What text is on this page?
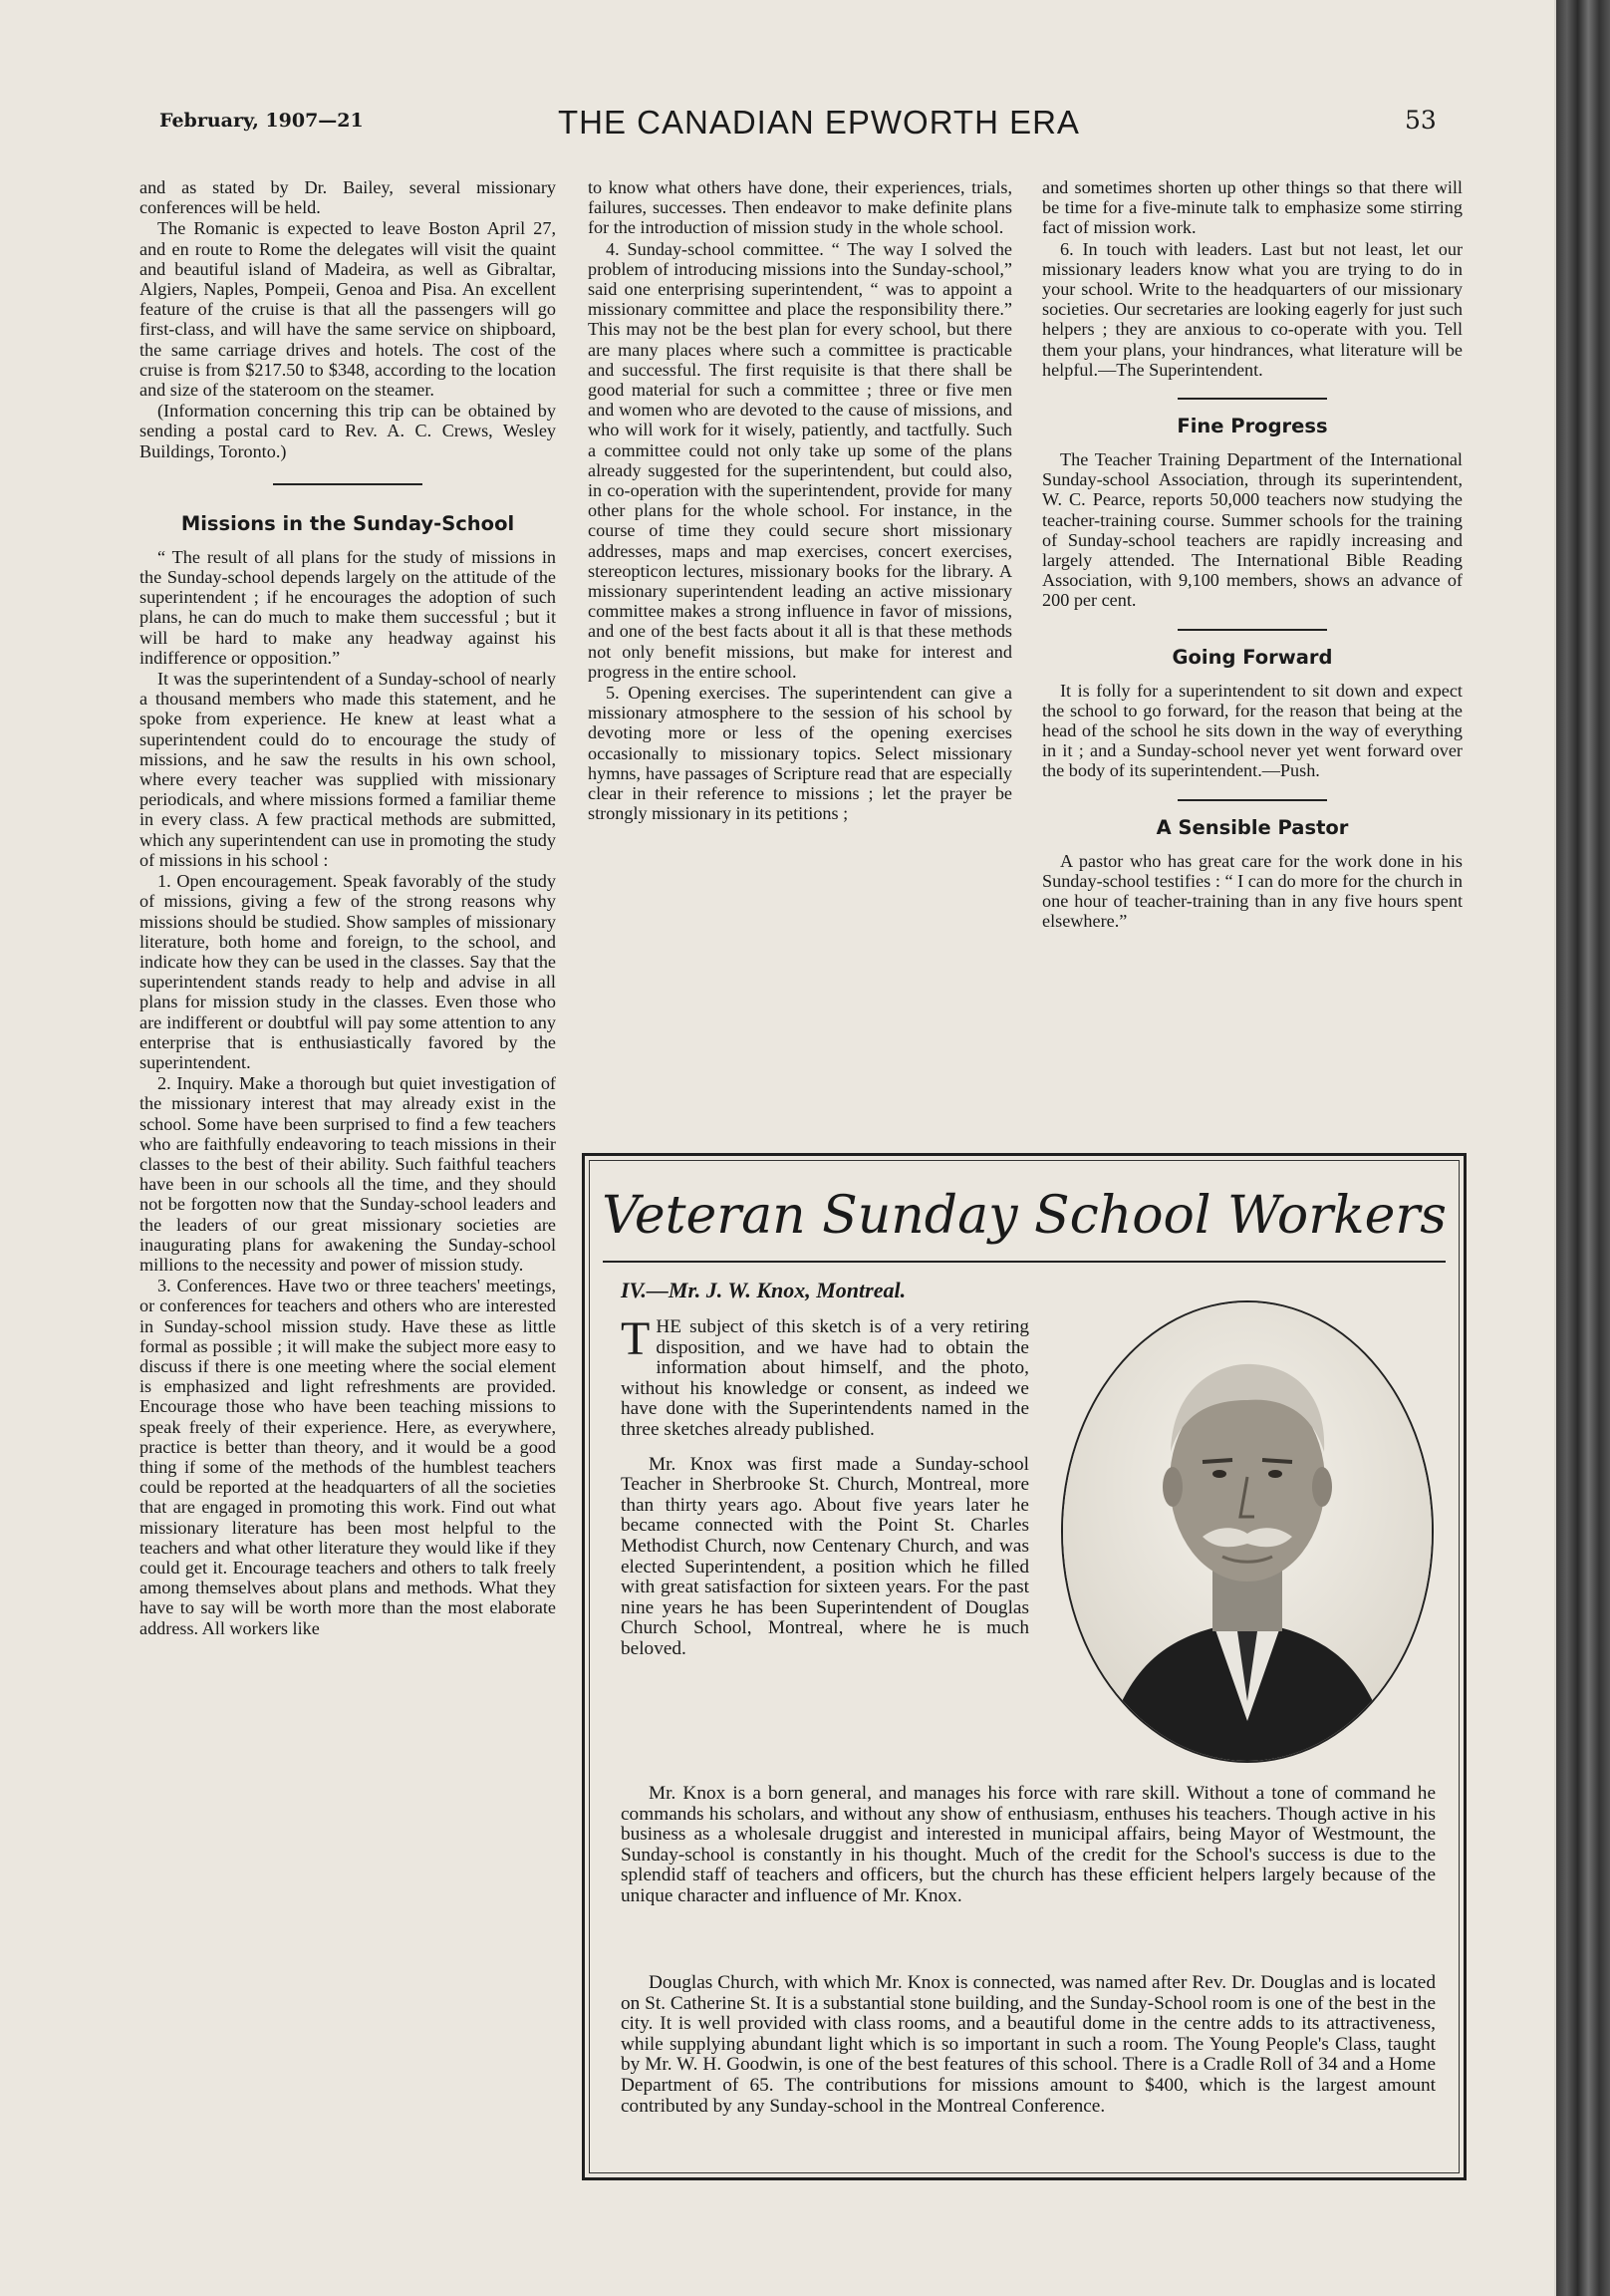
February, 1907—21	THE CANADIAN EPWORTH ERA	53

and as stated by Dr. Bailey, several missionary conferences will be held.

The Romanic is expected to leave Boston April 27, and en route to Rome the delegates will visit the quaint and beautiful island of Madeira, as well as Gibraltar, Algiers, Naples, Pompeii, Genoa and Pisa. An excellent feature of the cruise is that all the passengers will go first-class, and will have the same service on shipboard, the same carriage drives and hotels. The cost of the cruise is from $217.50 to $348, according to the location and size of the stateroom on the steamer.

(Information concerning this trip can be obtained by sending a postal card to Rev. A. C. Crews, Wesley Buildings, Toronto.)

Missions in the Sunday-School

“ The result of all plans for the study of missions in the Sunday-school depends largely on the attitude of the superintendent ; if he encourages the adoption of such plans, he can do much to make them successful ; but it will be hard to make any headway against his indifference or opposition.”

It was the superintendent of a Sunday-school of nearly a thousand members who made this statement, and he spoke from experience. He knew at least what a superintendent could do to encourage the study of missions, and he saw the results in his own school, where every teacher was supplied with missionary periodicals, and where missions formed a familiar theme in every class. A few practical methods are submitted, which any superintendent can use in promoting the study of missions in his school :

1. Open encouragement. Speak favorably of the study of missions, giving a few of the strong reasons why missions should be studied. Show samples of missionary literature, both home and foreign, to the school, and indicate how they can be used in the classes. Say that the superintendent stands ready to help and advise in all plans for mission study in the classes. Even those who are indifferent or doubtful will pay some attention to any enterprise that is enthusiastically favored by the superintendent.

2. Inquiry. Make a thorough but quiet investigation of the missionary interest that may already exist in the school. Some have been surprised to find a few teachers who are faithfully endeavoring to teach missions in their classes to the best of their ability. Such faithful teachers have been in our schools all the time, and they should not be forgotten now that the Sunday-school leaders and the leaders of our great missionary societies are inaugurating plans for awakening the Sunday-school millions to the necessity and power of mission study.

3. Conferences. Have two or three teachers' meetings, or conferences for teachers and others who are interested in Sunday-school mission study. Have these as little formal as possible ; it will make the subject more easy to discuss if there is one meeting where the social element is emphasized and light refreshments are provided. Encourage those who have been teaching missions to speak freely of their experience. Here, as everywhere, practice is better than theory, and it would be a good thing if some of the methods of the humblest teachers could be reported at the headquarters of all the societies that are engaged in promoting this work. Find out what missionary literature has been most helpful to the teachers and what other literature they would like if they could get it. Encourage teachers and others to talk freely among themselves about plans and methods. What they have to say will be worth more than the most elaborate address. All workers like

to know what others have done, their experiences, trials, failures, successes. Then endeavor to make definite plans for the introduction of mission study in the whole school.

4. Sunday-school committee. “ The way I solved the problem of introducing missions into the Sunday-school,” said one enterprising superintendent, “ was to appoint a missionary committee and place the responsibility there.” This may not be the best plan for every school, but there are many places where such a committee is practicable and successful. The first requisite is that there shall be good material for such a committee ; three or five men and women who are devoted to the cause of missions, and who will work for it wisely, patiently, and tactfully. Such a committee could not only take up some of the plans already suggested for the superintendent, but could also, in co-operation with the superintendent, provide for many other plans for the whole school. For instance, in the course of time they could secure short missionary addresses, maps and map exercises, concert exercises, stereopticon lectures, missionary books for the library. A missionary superintendent leading an active missionary committee makes a strong influence in favor of missions, and one of the best facts about it all is that these methods not only benefit missions, but make for interest and progress in the entire school.

5. Opening exercises. The superintendent can give a missionary atmosphere to the session of his school by devoting more or less of the opening exercises occasionally to missionary topics. Select missionary hymns, have passages of Scripture read that are especially clear in their reference to missions ; let the prayer be strongly missionary in its petitions ;

and sometimes shorten up other things so that there will be time for a five-minute talk to emphasize some stirring fact of mission work.

6. In touch with leaders. Last but not least, let our missionary leaders know what you are trying to do in your school. Write to the headquarters of our missionary societies. Our secretaries are looking eagerly for just such helpers ; they are anxious to co-operate with you. Tell them your plans, your hindrances, what literature will be helpful.—The Superintendent.

Fine Progress

The Teacher Training Department of the International Sunday-school Association, through its superintendent, W. C. Pearce, reports 50,000 teachers now studying the teacher-training course. Summer schools for the training of Sunday-school teachers are rapidly increasing and largely attended. The International Bible Reading Association, with 9,100 members, shows an advance of 200 per cent.

Going Forward

It is folly for a superintendent to sit down and expect the school to go forward, for the reason that being at the head of the school he sits down in the way of everything in it ; and a Sunday-school never yet went forward over the body of its superintendent.—Push.

A Sensible Pastor

A pastor who has great care for the work done in his Sunday-school testifies : “ I can do more for the church in one hour of teacher-training than in any five hours spent elsewhere.”

Veteran Sunday School Workers
IV.—Mr. J. W. Knox, Montreal.

THE subject of this sketch is of a very retiring disposition, and we have had to obtain the information about himself, and the photo, without his knowledge or consent, as indeed we have done with the Superintendents named in the three sketches already published.

Mr. Knox was first made a Sunday-school Teacher in Sherbrooke St. Church, Montreal, more than thirty years ago. About five years later he became connected with the Point St. Charles Methodist Church, now Centenary Church, and was elected Superintendent, a position which he filled with great satisfaction for sixteen years. For the past nine years he has been Superintendent of Douglas Church School, Montreal, where he is much beloved.

Mr. Knox is a born general, and manages his force with rare skill. Without a tone of command he commands his scholars, and without any show of enthusiasm, enthuses his teachers. Though active in his business as a wholesale druggist and interested in municipal affairs, being Mayor of Westmount, the Sunday-school is constantly in his thought. Much of the credit for the School's success is due to the splendid staff of teachers and officers, but the church has these efficient helpers largely because of the unique character and influence of Mr. Knox.

Douglas Church, with which Mr. Knox is connected, was named after Rev. Dr. Douglas and is located on St. Catherine St. It is a substantial stone building, and the Sunday-School room is one of the best in the city. It is well provided with class rooms, and a beautiful dome in the centre adds to its attractiveness, while supplying abundant light which is so important in such a room. The Young People's Class, taught by Mr. W. H. Goodwin, is one of the best features of this school. There is a Cradle Roll of 34 and a Home Department of 65. The contributions for missions amount to $400, which is the largest amount contributed by any Sunday-school in the Montreal Conference.
